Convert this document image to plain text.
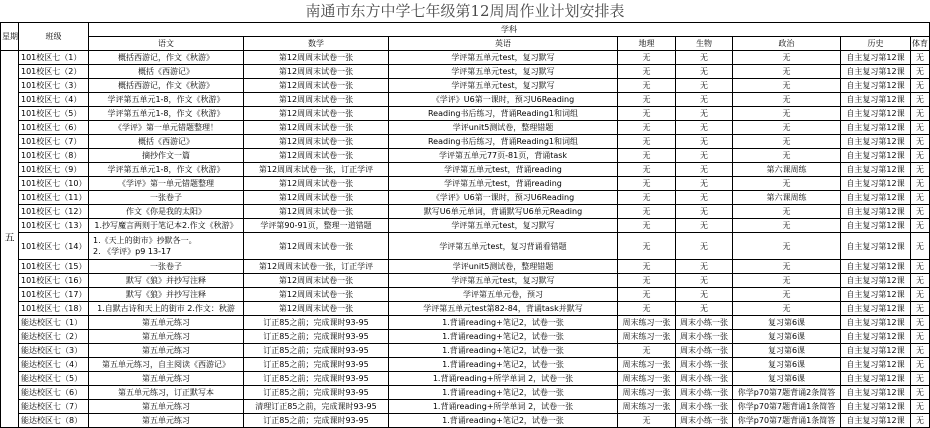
南通市东方中学七年级第12周周作业计划安排表
星期	班级	学科							
		语文	数学	英语	地理	生物	政治	历史	体育
五	101校区七（1）	概括西游记，作文《秋游》	第12周周末试卷一张	学评第五单元test，复习默写	无	无	无	自主复习第12课	无
	101校区七（2）	概括《西游记》	第12周周末试卷一张	学评第五单元test，复习默写	无	无	无	自主复习第12课	无
	101校区七（3）	概括西游记，作文《秋游》	第12周周末试卷一张	学评第五单元test，复习默写	无	无	无	自主复习第12课	无
	101校区七（4）	学评第五单元1-8，作文《秋游》	第12周周末试卷一张	《学评》U6第一课时，预习U6Reading	无	无	无	自主复习第12课	无
	101校区七（5）	学评第五单元1-8，作文《秋游》	第12周周末试卷一张	Reading书后练习，背诵Reading1和词组	无	无	无	自主复习第12课	无
	101校区七（6）	《学评》第一单元错题整理！	第12周周末试卷一张	学评unit5测试卷，整理错题	无	无	无	自主复习第12课	无
	101校区七（7）	概括《西游记》	第12周周末试卷一张	Reading书后练习，背诵Reading1和词组	无	无	无	自主复习第12课	无
	101校区七（8）	摘抄作文一篇	第12周周末试卷一张	学评第五单元77页-81页，背诵task	无	无	无	自主复习第12课	无
	101校区七（9）	学评第五单元1-8，作文《秋游》	第12周周末试卷一张，订正学评	学评第五单元test，背诵reading	无	无	第六课周练	自主复习第12课	无
	101校区七（10）	《学评》第一单元错题整理	第12周周末试卷一张	学评第五单元test，背诵reading	无	无	无	自主复习第12课	无
	101校区七（11）	一张卷子	第12周周末试卷一张	《学评》U6第一课时，预习U6Reading	无	无	第六课周练	自主复习第12课	无
	101校区七（12）	作文《你是我的太阳》	第12周周末试卷一张	默写U6单元单词，背诵默写U6单元Reading	无	无	无	自主复习第12课	无
	101校区七（13）	1.抄写魔言两则于笔记本2.作文《秋游》	学评第90-91页，整理一道错题	学评第五单元test，复习默写	无	无	无	自主复习第12课	无
	101校区七（14）	1.《天上的街市》抄默各一。
2. 《学评》p9 13-17	第12周周末试卷一张	学评第五单元test，复习背诵看错题	无	无	无	自主复习第12课	无
	101校区七（15）	一张卷子	第12周周末试卷一张，订正学评	学评unit5测试卷，整理错题	无	无	无	自主复习第12课	无
	101校区七（16）	默写《狼》并抄写注释	第12周周末试卷一张	学评第五单元test，复习默写	无	无	无	自主复习第12课	无
	101校区七（17）	默写《狼》并抄写注释	第12周周末试卷一张	学评第五单元卷，预习	无	无	无	自主复习第12课	无
	101校区七（18）	1.自默古诗和天上的街市 2.作文：秋游	第12周周末试卷一张	学评第五单元test第82-84，背诵task并默写	无	无	无	自主复习第12课	无
	能达校区七（1）	第五单元练习	订正85之前；完成课时93-95	1.背诵reading+笔记2，试卷一张	周末练习一张	周末小练一张	复习第6课	自主复习第12课	无
	能达校区七（2）	第五单元练习	订正85之前；完成课时93-95	1.背诵reading+笔记2，试卷一张	周末练习一张	周末小练一张	复习第6课	自主复习第12课	无
	能达校区七（3）	第五单元练习	订正85之前；完成课时93-95	1.背诵reading+笔记2，试卷一张	无	周末小练一张	复习第6课	自主复习第12课	无
	能达校区七（4）	第五单元练习，自主阅读《西游记》	订正85之前；完成课时93-95	1.背诵reading+笔记2，试卷一张	周末练习一张	周末小练一张	复习第6课	自主复习第12课	无
	能达校区七（5）	第五单元练习	订正85之前；完成课时93-95	1.背诵reading+所学单词 2，试卷一张	周末练习一张	周末小练一张	复习第6课	自主复习第12课	无
	能达校区七（6）	第五单元练习，订正默写本	订正85之前；完成课时93-95	1.背诵reading+笔记2，试卷一张	周末练习一张	周末小练一张	你学p70第7题背诵2条简答	自主复习第12课	无
	能达校区七（7）	第五单元练习	清理订正85之前，完成课时93-95	1.背诵reading+所学单词 2，试卷一张	周末练习一张	周末小练一张	你学p70第7题背诵1条简答	自主复习第12课	无
	能达校区七（8）	第五单元练习	订正85之前；完成课时93-95	1.背诵reading+笔记2，试卷一张	无	周末小练一张	你学p70第7题背诵1条简答	自主复习第12课	无
